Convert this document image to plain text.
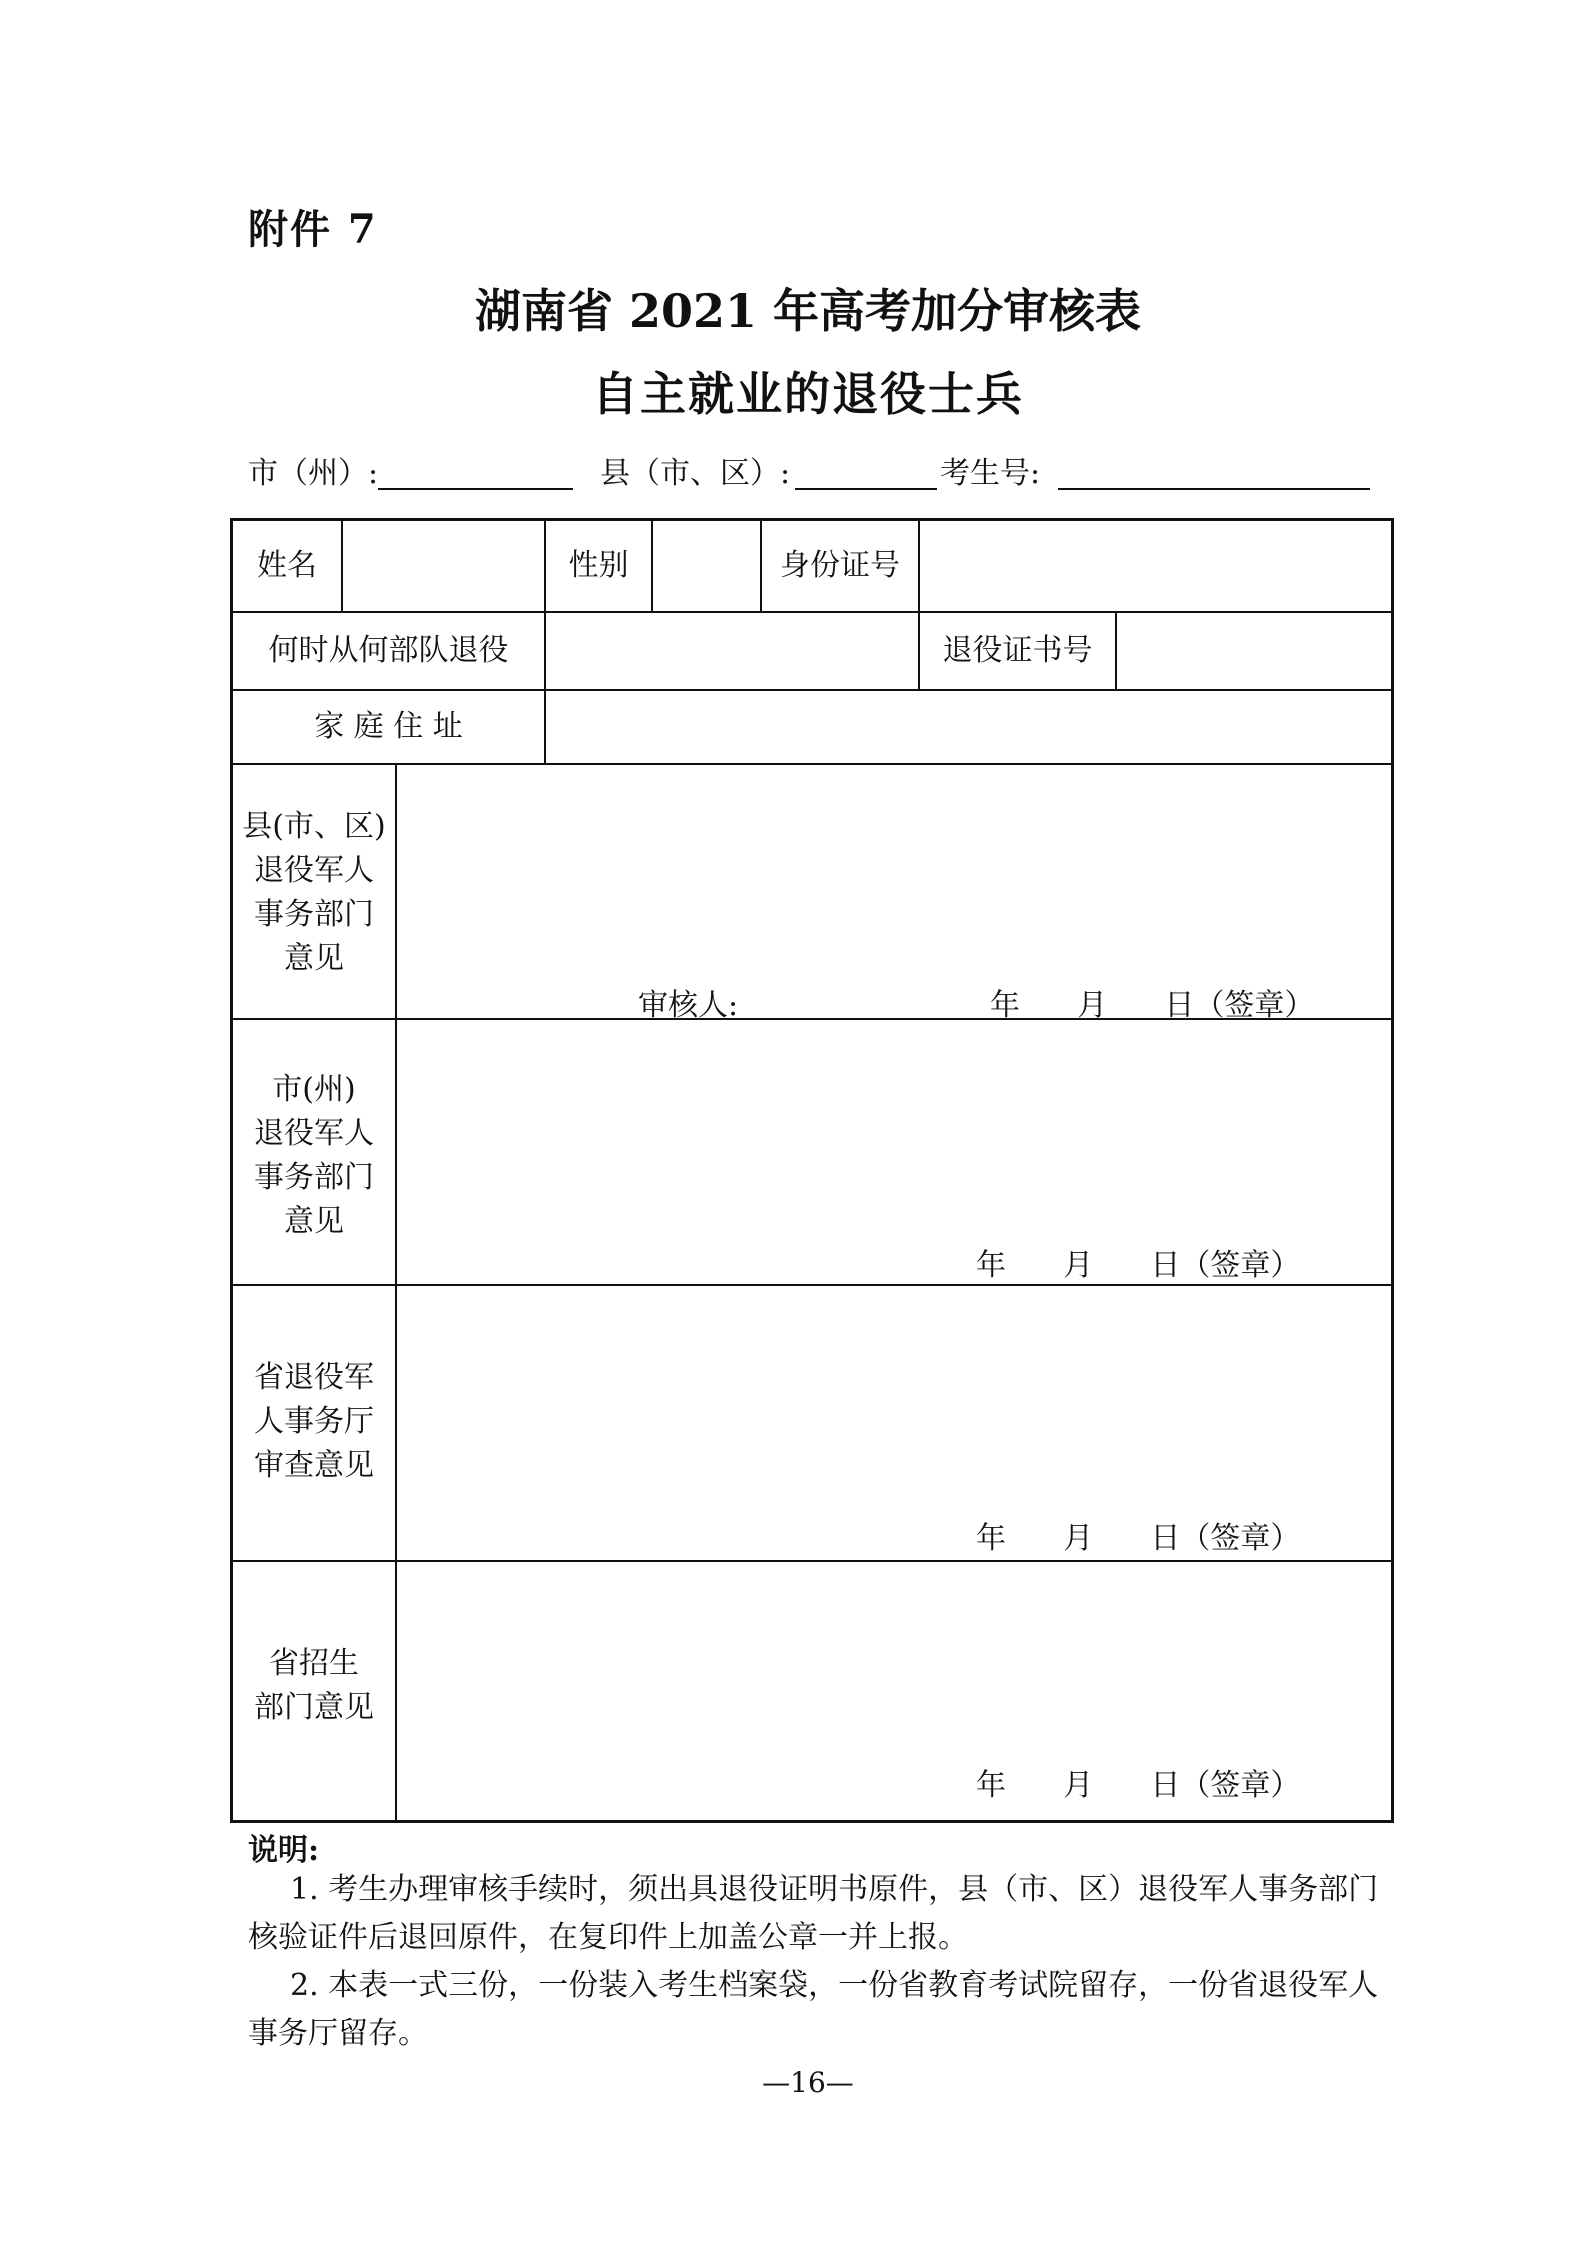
附件 7
湖南省 2021 年高考加分审核表
自主就业的退役士兵
市（州）:	县（市、区）:	考生号:
姓名	性别	身份证号
何时从何部队退役	退役证书号
家 庭 住 址
县(市、区)
退役军人
事务部门
意见
审核人:	年      月      日（签章）
市(州)
退役军人
事务部门
意见
年      月      日（签章）
省退役军
人事务厅
审查意见
年      月      日（签章）
省招生
部门意见
年      月      日（签章）
说明:
1. 考生办理审核手续时，须出具退役证明书原件，县（市、区）退役军人事务部门
核验证件后退回原件，在复印件上加盖公章一并上报。
2. 本表一式三份，一份装入考生档案袋，一份省教育考试院留存，一份省退役军人
事务厅留存。
—16—
